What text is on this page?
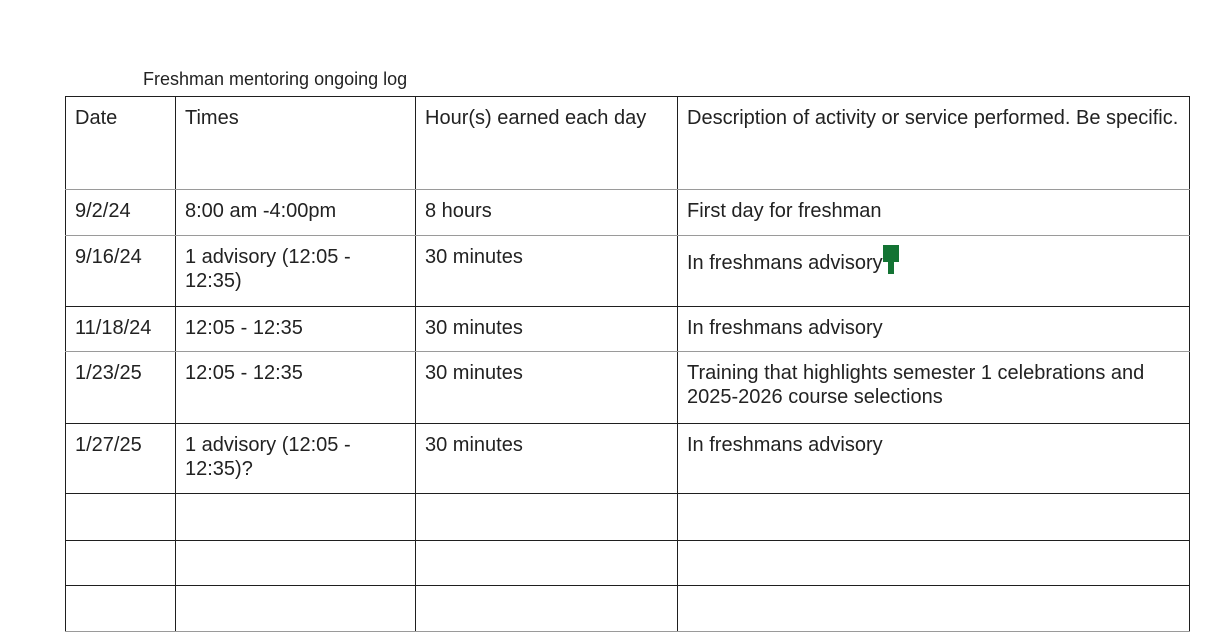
Freshman mentoring ongoing log
Date	Times	Hour(s) earned each day	Description of activity or service performed. Be specific.
9/2/24	8:00 am -4:00pm	8 hours	First day for freshman
9/16/24	1 advisory (12:05 - 12:35)	30 minutes	In freshmans advisory

11/18/24	12:05 - 12:35	30 minutes	In freshmans advisory
1/23/25	12:05 - 12:35	30 minutes	Training that highlights semester 1 celebrations and 2025-2026 course selections
1/27/25	1 advisory (12:05 - 12:35)?	30 minutes	In freshmans advisory
